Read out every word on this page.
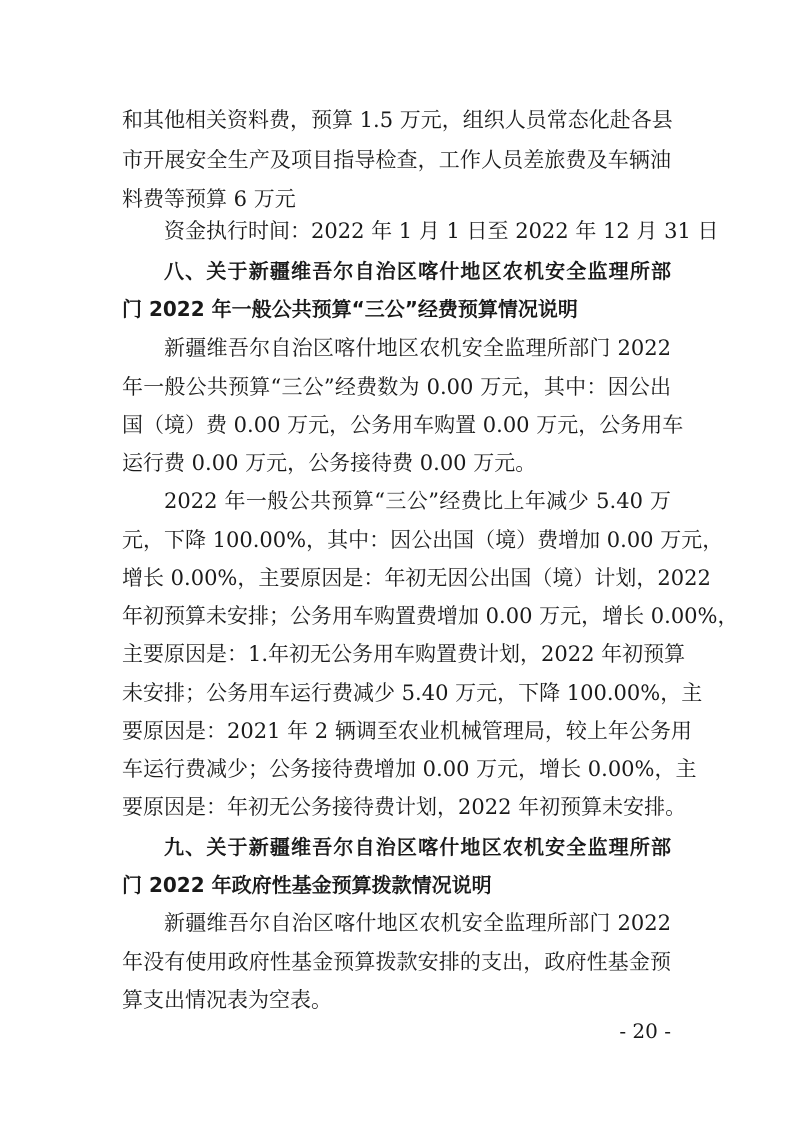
和其他相关资料费，预算 1.5 万元，组织人员常态化赴各县
市开展安全生产及项目指导检查，工作人员差旅费及车辆油
料费等预算 6 万元
资金执行时间：2022 年 1 月 1 日至 2022 年 12 月 31 日
八、关于新疆维吾尔自治区喀什地区农机安全监理所部
门 2022 年一般公共预算“三公”经费预算情况说明
新疆维吾尔自治区喀什地区农机安全监理所部门 2022
年一般公共预算“三公”经费数为 0.00 万元，其中：因公出
国（境）费 0.00 万元，公务用车购置 0.00 万元，公务用车
运行费 0.00 万元，公务接待费 0.00 万元。
2022 年一般公共预算“三公”经费比上年减少 5.40 万
元，下降 100.00%，其中：因公出国（境）费增加 0.00 万元，
增长 0.00%，主要原因是：年初无因公出国（境）计划，2022
年初预算未安排；公务用车购置费增加 0.00 万元，增长 0.00%，
主要原因是：1.年初无公务用车购置费计划，2022 年初预算
未安排；公务用车运行费减少 5.40 万元，下降 100.00%，主
要原因是：2021 年 2 辆调至农业机械管理局，较上年公务用
车运行费减少；公务接待费增加 0.00 万元，增长 0.00%，主
要原因是：年初无公务接待费计划，2022 年初预算未安排。
九、关于新疆维吾尔自治区喀什地区农机安全监理所部
门 2022 年政府性基金预算拨款情况说明
新疆维吾尔自治区喀什地区农机安全监理所部门 2022
年没有使用政府性基金预算拨款安排的支出，政府性基金预
算支出情况表为空表。
- 20 -
